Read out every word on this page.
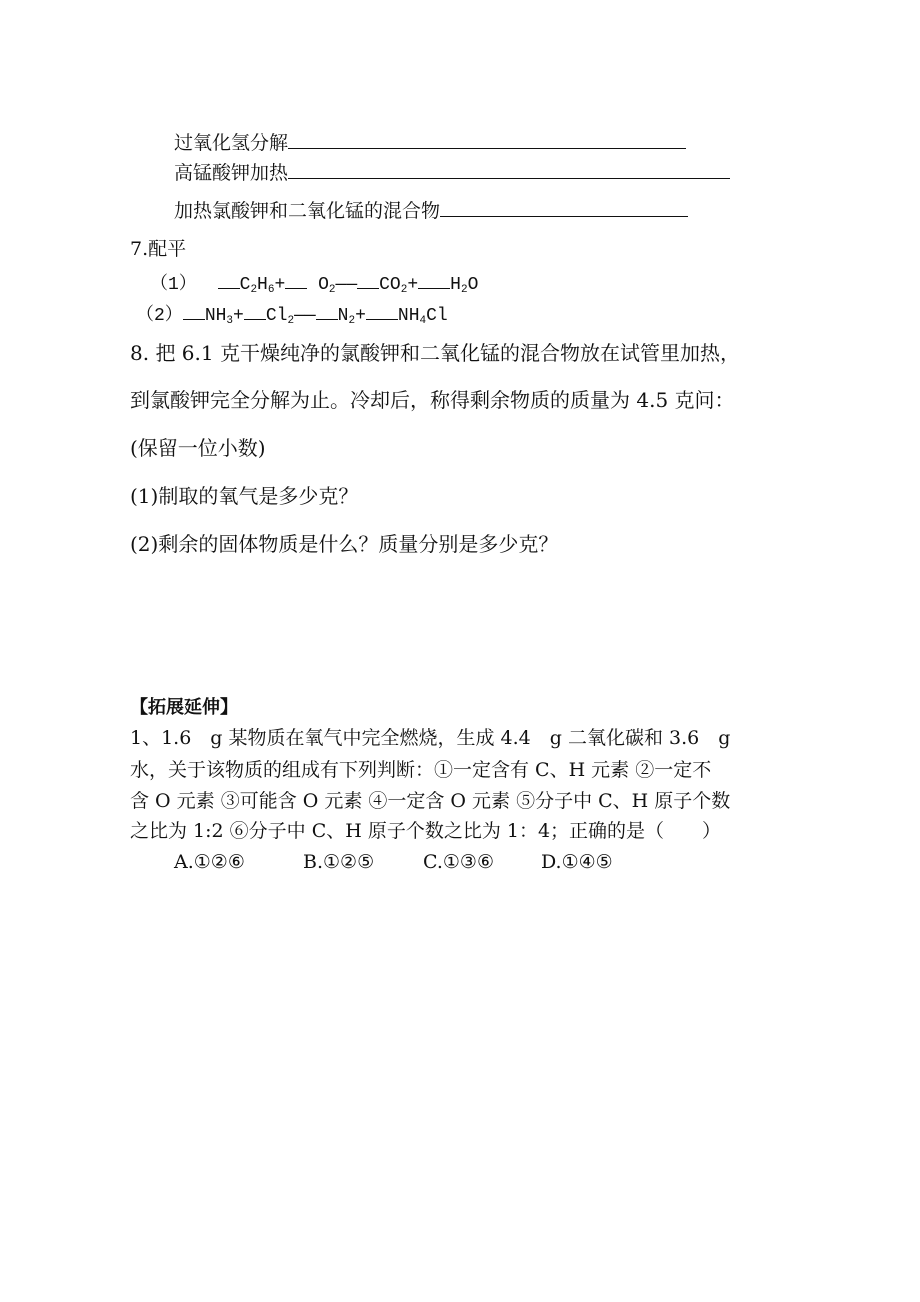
过氧化氢分解
高锰酸钾加热
加热氯酸钾和二氧化锰的混合物
7.配平
（1） $C_2H_6+$ $O_2——$ $CO_2+ H_2O$
（2） $NH_3+$ $Cl_2——$ $N_2+ NH_4Cl$
8. 把 6.1 克干燥纯净的氯酸钾和二氧化锰的混合物放在试管里加热，
到氯酸钾完全分解为止。冷却后，称得剩余物质的质量为 4.5 克问：
(保留一位小数)
(1)制取的氧气是多少克？
(2)剩余的固体物质是什么？质量分别是多少克？
【拓展延伸】
1、1.6　g 某物质在氧气中完全燃烧，生成 4.4　g 二氧化碳和 3.6　g
水，关于该物质的组成有下列判断：①一定含有 C、H 元素 ②一定不
含 O 元素 ③可能含 O 元素 ④一定含 O 元素 ⑤分子中 C、H 原子个数
之比为 1:2 ⑥分子中 C、H 原子个数之比为 1：4；正确的是（　　）
A.①②⑥	B.①②⑤	C.①③⑥ D.①④⑤
